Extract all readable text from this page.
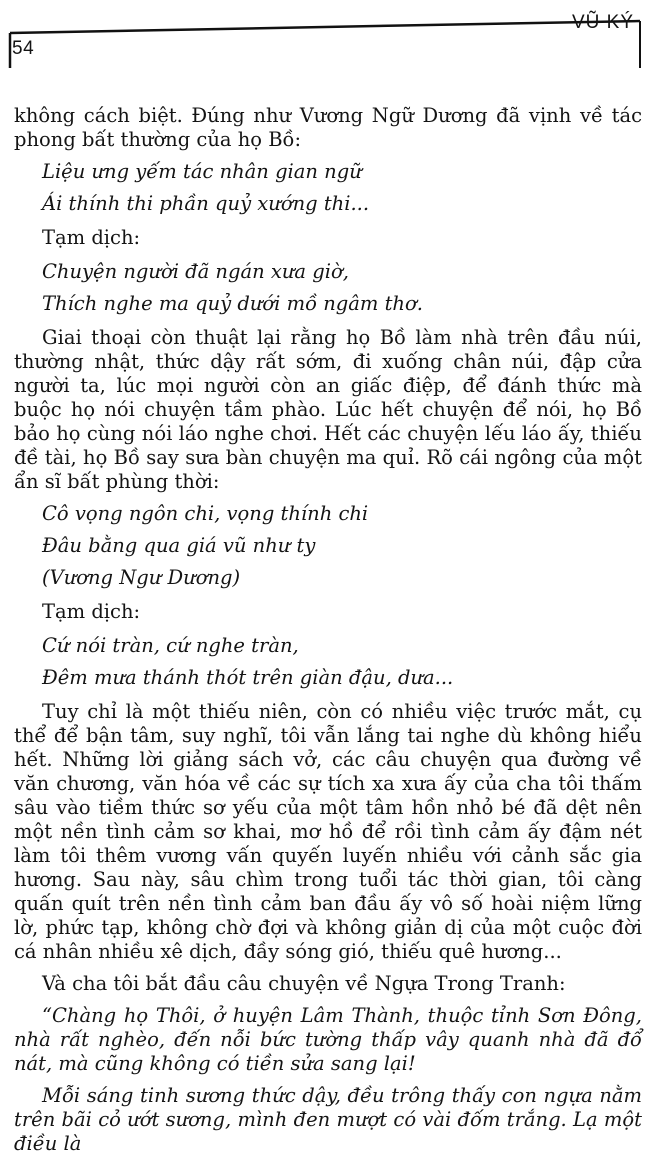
54
VŨ KÝ

không cách biệt. Đúng như Vương Ngữ Dương đã vịnh về tác phong bất thường của họ Bồ:

Liệu ưng yếm tác nhân gian ngữ
Ái thính thi phần quỷ xướng thi...
Tạm dịch:
Chuyện người đã ngán xưa giờ,
Thích nghe ma quỷ dưới mồ ngâm thơ.

Giai thoại còn thuật lại rằng họ Bồ làm nhà trên đầu núi, thường nhật, thức dậy rất sớm, đi xuống chân núi, đập cửa người ta, lúc mọi người còn an giấc điệp, để đánh thức mà buộc họ nói chuyện tầm phào. Lúc hết chuyện để nói, họ Bồ bảo họ cùng nói láo nghe chơi. Hết các chuyện lếu láo ấy, thiếu đề tài, họ Bồ say sưa bàn chuyện ma quỉ. Rõ cái ngông của một ẩn sĩ bất phùng thời:

Cô vọng ngôn chi, vọng thính chi
Đâu bằng qua giá vũ như ty
(Vương Ngư Dương)
Tạm dịch:
Cứ nói tràn, cứ nghe tràn,
Đêm mưa thánh thót trên giàn đậu, dưa...

Tuy chỉ là một thiếu niên, còn có nhiều việc trước mắt, cụ thể để bận tâm, suy nghĩ, tôi vẫn lắng tai nghe dù không hiểu hết. Những lời giảng sách vở, các câu chuyện qua đường về văn chương, văn hóa về các sự tích xa xưa ấy của cha tôi thấm sâu vào tiềm thức sơ yếu của một tâm hồn nhỏ bé đã dệt nên một nền tình cảm sơ khai, mơ hồ để rồi tình cảm ấy đậm nét làm tôi thêm vương vấn quyến luyến nhiều với cảnh sắc gia hương. Sau này, sâu chìm trong tuổi tác thời gian, tôi càng quấn quít trên nền tình cảm ban đầu ấy vô số hoài niệm lững lờ, phức tạp, không chờ đợi và không giản dị của một cuộc đời cá nhân nhiều xê dịch, đầy sóng gió, thiếu quê hương...

Và cha tôi bắt đầu câu chuyện về Ngựa Trong Tranh:

“Chàng họ Thôi, ở huyện Lâm Thành, thuộc tỉnh Sơn Đông, nhà rất nghèo, đến nỗi bức tường thấp vây quanh nhà đã đổ nát, mà cũng không có tiền sửa sang lại!

Mỗi sáng tinh sương thức dậy, đều trông thấy con ngựa nằm trên bãi cỏ ướt sương, mình đen mượt có vài đốm trắng. Lạ một điều là
